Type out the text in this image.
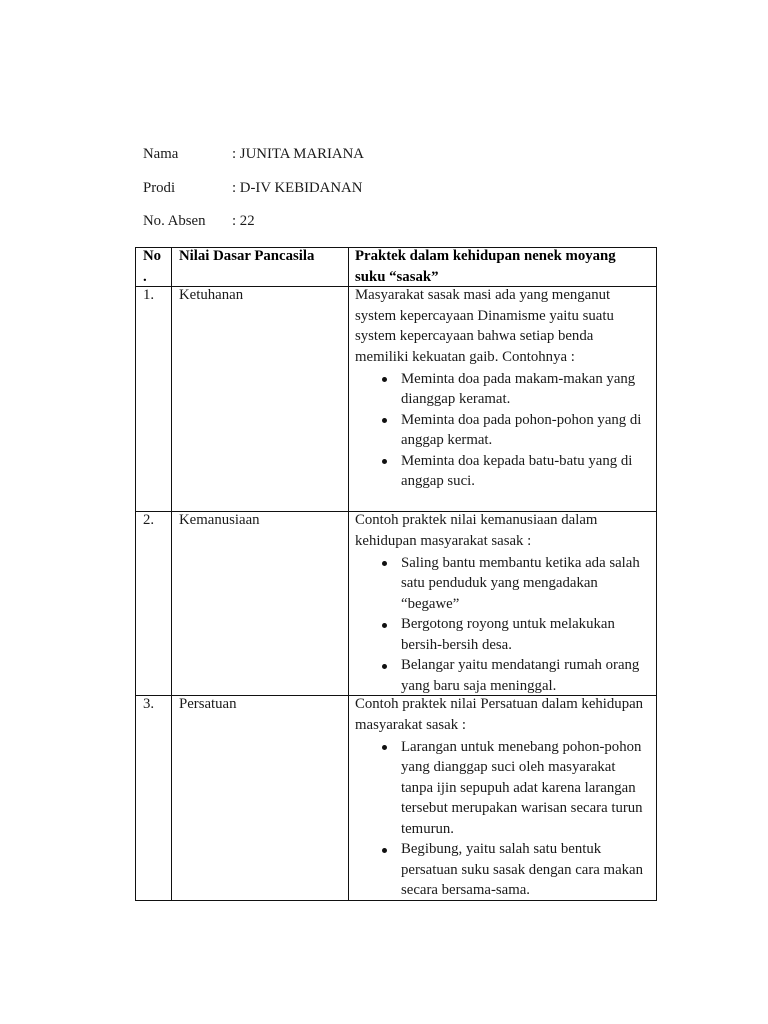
Nama	: JUNITA MARIANA
Prodi	: D-IV KEBIDANAN
No. Absen : 22
No
.
Nilai Dasar Pancasila	Praktek dalam kehidupan nenek moyang
suku “sasak”
1.	Ketuhanan	Masyarakat sasak masi ada yang menganut
system kepercayaan Dinamisme yaitu suatu
system kepercayaan bahwa setiap benda
memiliki kekuatan gaib. Contohnya :
Meminta doa pada makam-makan yang
dianggap keramat.
Meminta doa pada pohon-pohon yang di
anggap kermat.
Meminta doa kepada batu-batu yang di
anggap suci.
2.	Kemanusiaan	Contoh praktek nilai kemanusiaan dalam
kehidupan masyarakat sasak :
Saling bantu membantu ketika ada salah
satu penduduk yang mengadakan
“begawe”
Bergotong royong untuk melakukan
bersih-bersih desa.
Belangar yaitu mendatangi rumah orang
yang baru saja meninggal.
3.	Persatuan	Contoh praktek nilai Persatuan dalam kehidupan
masyarakat sasak :
Larangan untuk menebang pohon-pohon
yang dianggap suci oleh masyarakat
tanpa ijin sepupuh adat karena larangan
tersebut merupakan warisan secara turun
temurun.
Begibung, yaitu salah satu bentuk
persatuan suku sasak dengan cara makan
secara bersama-sama.
